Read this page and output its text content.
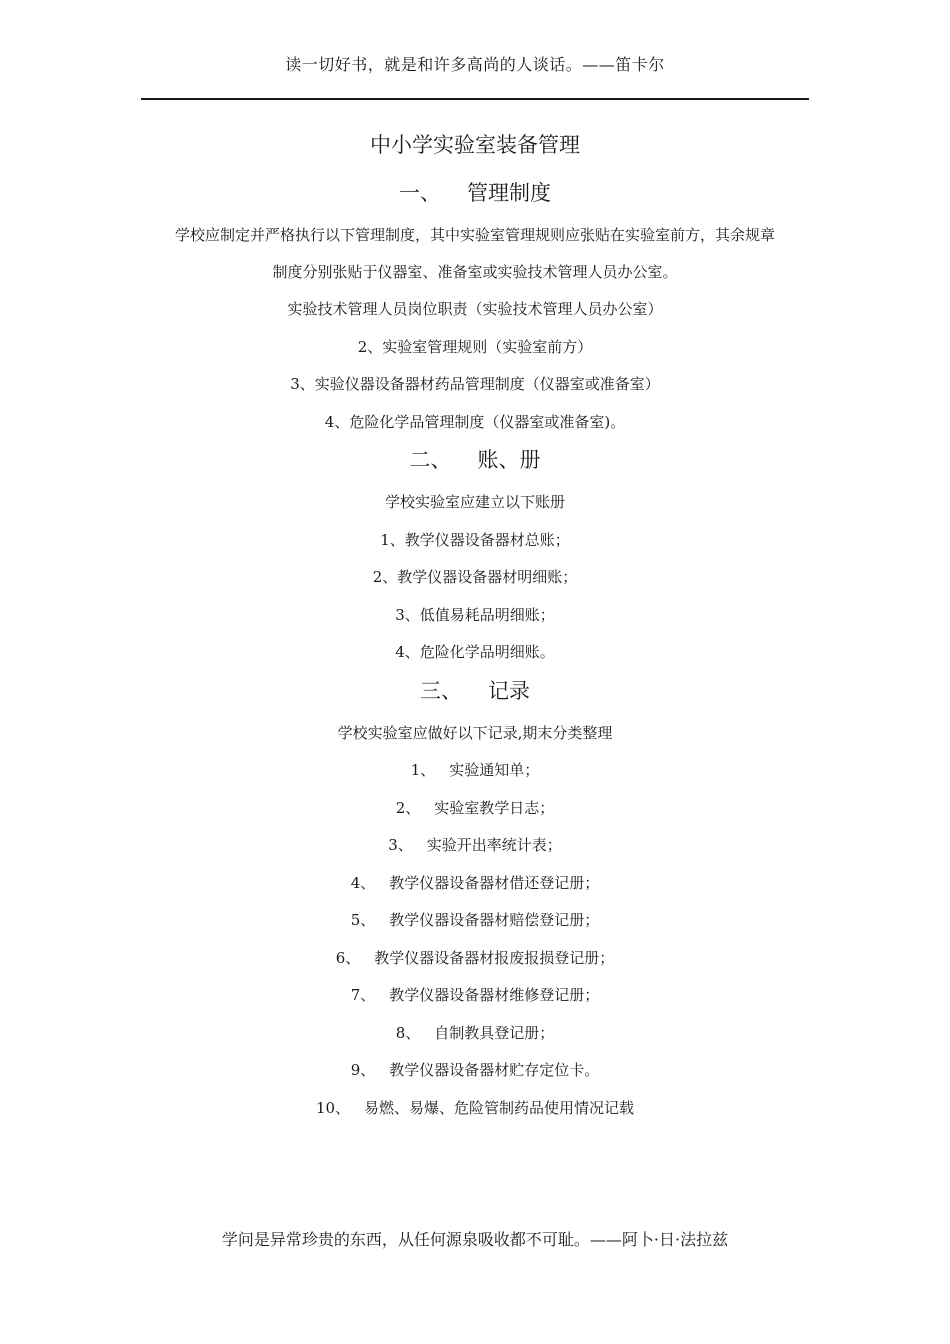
读一切好书，就是和许多高尚的人谈话。——笛卡尔
中小学实验室装备管理
一、 管理制度

学校应制定并严格执行以下管理制度，其中实验室管理规则应张贴在实验室前方，其余规章

制度分别张贴于仪器室、准备室或实验技术管理人员办公室。

实验技术管理人员岗位职责（实验技术管理人员办公室）

2、实验室管理规则（实验室前方）

3、实验仪器设备器材药品管理制度（仪器室或准备室）

4、危险化学品管理制度（仪器室或准备室)。

二、 账、册

学校实验室应建立以下账册

1、教学仪器设备器材总账；

2、教学仪器设备器材明细账；

3、低值易耗品明细账；

4、危险化学品明细账。

三、 记录

学校实验室应做好以下记录,期末分类整理

1、 实验通知单；

2、 实验室教学日志；

3、 实验开出率统计表；

4、 教学仪器设备器材借还登记册；

5、 教学仪器设备器材赔偿登记册；

6、 教学仪器设备器材报废报损登记册；

7、 教学仪器设备器材维修登记册；

8、 自制教具登记册；

9、 教学仪器设备器材贮存定位卡。

10、 易燃、易爆、危险管制药品使用情况记载

学问是异常珍贵的东西，从任何源泉吸收都不可耻。——阿卜·日·法拉兹
